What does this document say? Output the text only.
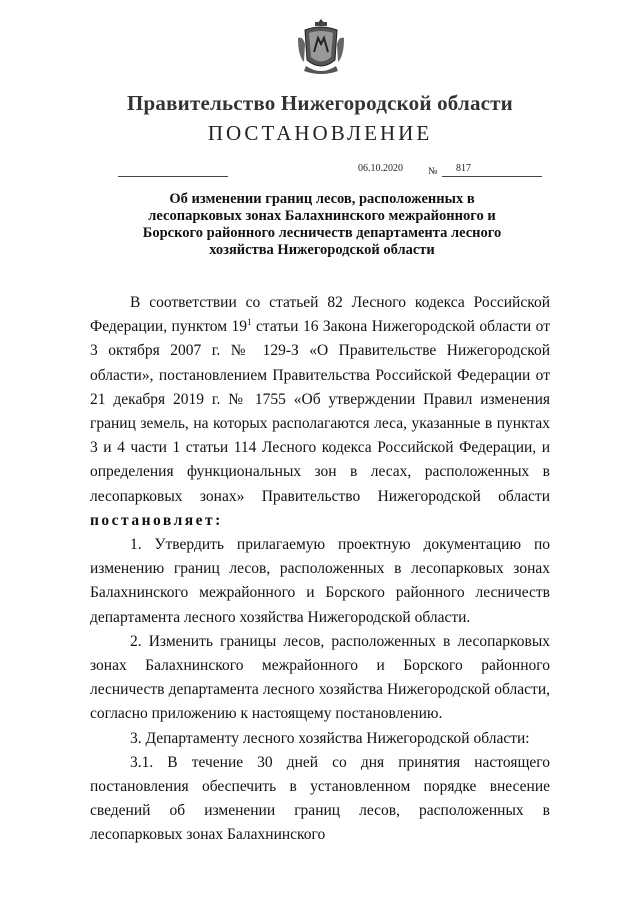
Правительство Нижегородской области
ПОСТАНОВЛЕНИЕ
06.10.2020	№ 817
Об изменении границ лесов, расположенных в лесопарковых зонах Балахнинского межрайонного и Борского районного лесничеств департамента лесного хозяйства Нижегородской области

В соответствии со статьей 82 Лесного кодекса Российской Федерации, пунктом $19^1$ статьи 16 Закона Нижегородской области от 3 октября 2007 г. № 129-З «О Правительстве Нижегородской области», постановлением Правительства Российской Федерации от 21 декабря 2019 г. № 1755 «Об утверждении Правил изменения границ земель, на которых располагаются леса, указанные в пунктах 3 и 4 части 1 статьи 114 Лесного кодекса Российской Федерации, и определения функциональных зон в лесах, расположенных в лесопарковых зонах» Правительство Нижегородской области постановляет:

1. Утвердить прилагаемую проектную документацию по изменению границ лесов, расположенных в лесопарковых зонах Балахнинского межрайонного и Борского районного лесничеств департамента лесного хозяйства Нижегородской области.

2. Изменить границы лесов, расположенных в лесопарковых зонах Балахнинского межрайонного и Борского районного лесничеств департамента лесного хозяйства Нижегородской области, согласно приложению к настоящему постановлению.

3. Департаменту лесного хозяйства Нижегородской области:

3.1. В течение 30 дней со дня принятия настоящего постановления обеспечить в установленном порядке внесение сведений об изменении границ лесов, расположенных в лесопарковых зонах Балахнинского
